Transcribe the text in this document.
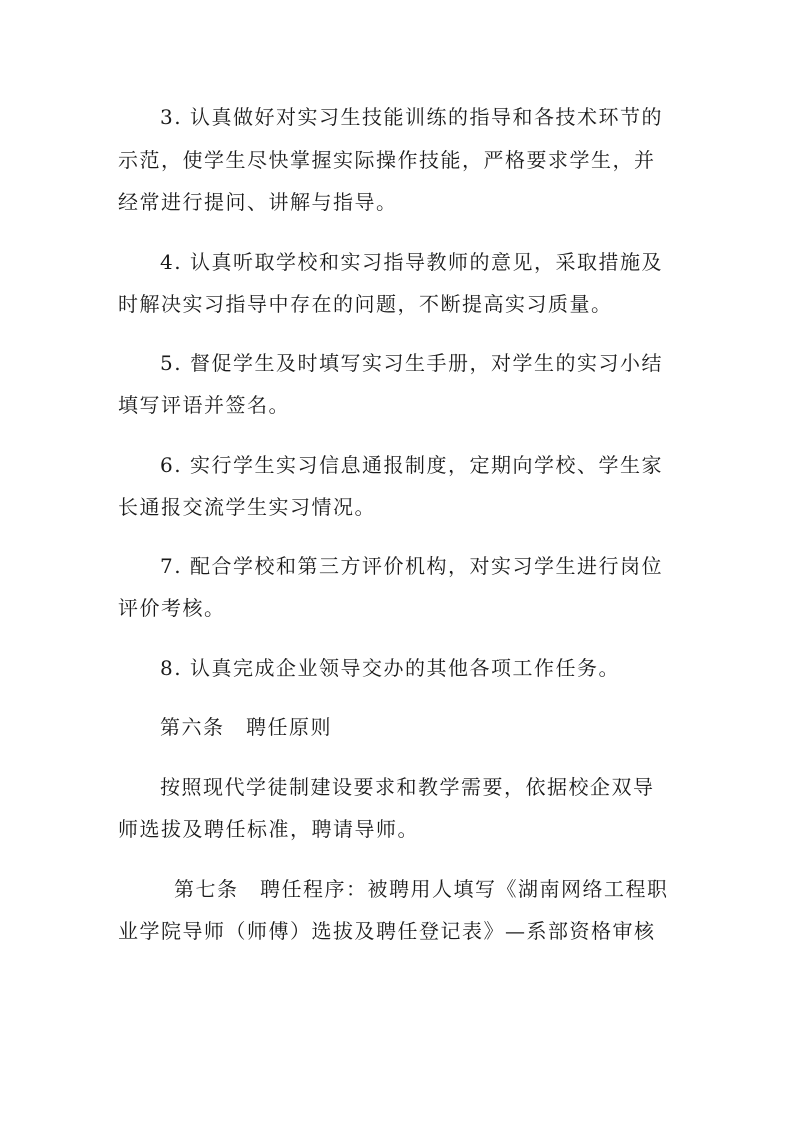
3. 认真做好对实习生技能训练的指导和各技术环节的
示范，使学生尽快掌握实际操作技能，严格要求学生，并
经常进行提问、讲解与指导。
4. 认真听取学校和实习指导教师的意见，采取措施及
时解决实习指导中存在的问题，不断提高实习质量。
5. 督促学生及时填写实习生手册，对学生的实习小结
填写评语并签名。
6. 实行学生实习信息通报制度，定期向学校、学生家
长通报交流学生实习情况。
7. 配合学校和第三方评价机构，对实习学生进行岗位
评价考核。
8. 认真完成企业领导交办的其他各项工作任务。
第六条　聘任原则
按照现代学徒制建设要求和教学需要，依据校企双导
师选拔及聘任标准，聘请导师。
第七条　聘任程序：被聘用人填写《湖南网络工程职
业学院导师（师傅）选拔及聘任登记表》—系部资格审核
